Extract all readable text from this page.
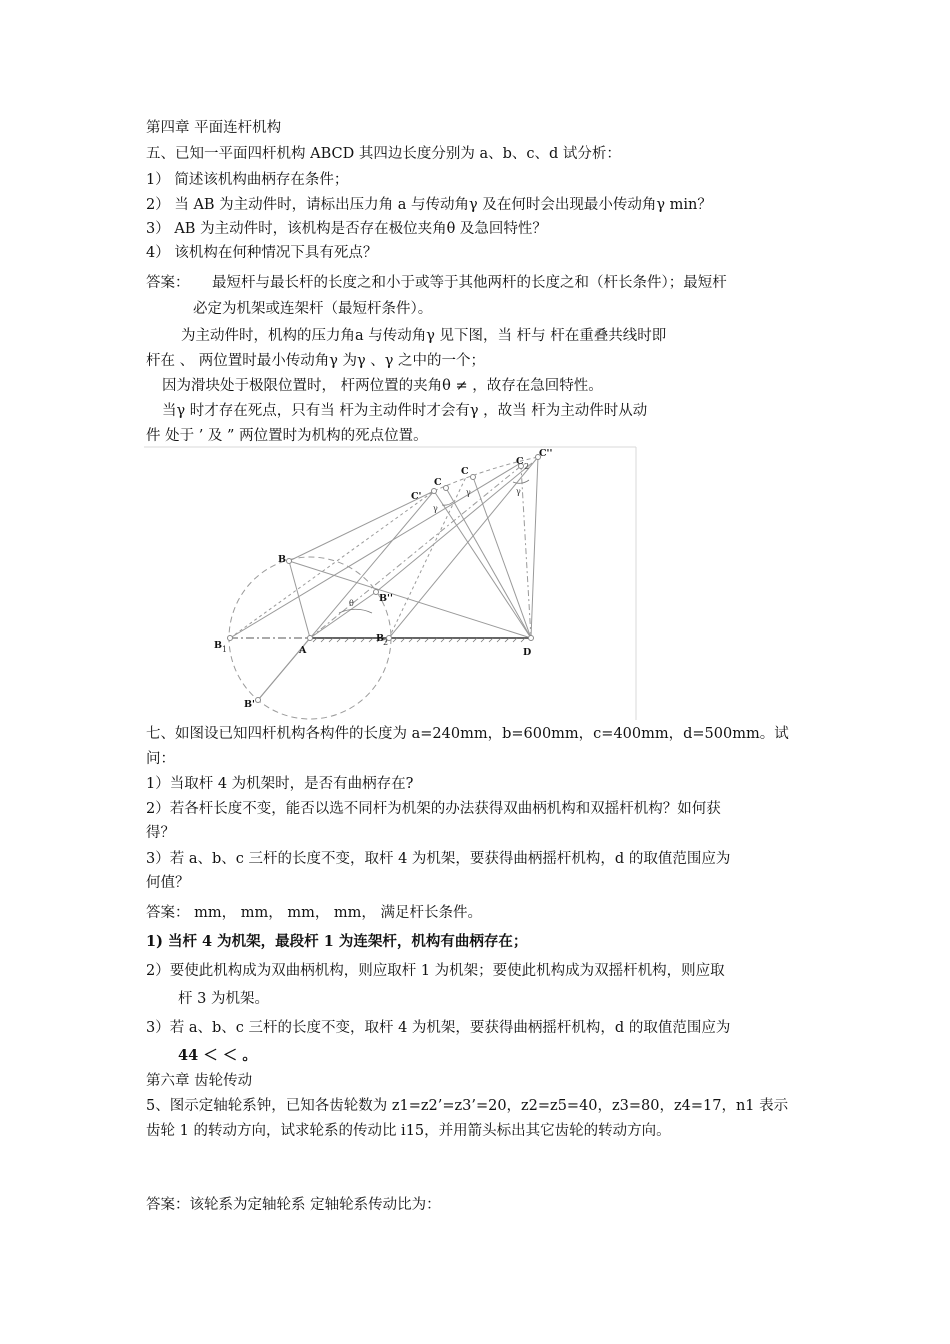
第四章 平面连杆机构
五、已知一平面四杆机构 ABCD 其四边长度分别为 a、b、c、d 试分析：
1） 简述该机构曲柄存在条件；
2） 当 AB 为主动件时，请标出压力角 a 与传动角γ 及在何时会出现最小传动角γ min？
3） AB 为主动件时，该机构是否存在极位夹角θ 及急回特性？
4） 该机构在何种情况下具有死点？
答案： 最短杆与最长杆的长度之和小于或等于其他两杆的长度之和（杆长条件）；最短杆
必定为机架或连架杆（最短杆条件）。
为主动件时，机构的压力角a 与传动角γ 见下图，当 杆与 杆在重叠共线时即
杆在 、 两位置时最小传动角γ 为γ 、γ 之中的一个；
因为滑块处于极限位置时， 杆两位置的夹角θ ≠ ，故存在急回特性。
当γ 时才存在死点，只有当 杆为主动件时才会有γ ，故当 杆为主动件时从动
件 处于 ’ 及 ” 两位置时为机构的死点位置。
B
B 1	A
B
2
D
B'
B''
C'
C
C
C 2
C''
θ
γ
γ	γ
七、如图设已知四杆机构各构件的长度为 a=240mm，b=600mm，c=400mm，d=500mm。试
问：
1）当取杆 4 为机架时，是否有曲柄存在?
2）若各杆长度不变，能否以选不同杆为机架的办法获得双曲柄机构和双摇杆机构？如何获
得？
3）若 a、b、c 三杆的长度不变，取杆 4 为机架，要获得曲柄摇杆机构，d 的取值范围应为
何值？
答案： mm， mm， mm， mm， 满足杆长条件。
1) 当杆 4 为机架，最段杆 1 为连架杆，机构有曲柄存在；
2）要使此机构成为双曲柄机构，则应取杆 1 为机架；要使此机构成为双摇杆机构，则应取
杆 3 为机架。
3）若 a、b、c 三杆的长度不变，取杆 4 为机架，要获得曲柄摇杆机构，d 的取值范围应为
44 ＜ ＜ 。
第六章 齿轮传动
5、图示定轴轮系钟，已知各齿轮数为 z1=z2’=z3’=20，z2=z5=40，z3=80，z4=17，n1 表示
齿轮 1 的转动方向，试求轮系的传动比 i15，并用箭头标出其它齿轮的转动方向。
答案：该轮系为定轴轮系 定轴轮系传动比为：
